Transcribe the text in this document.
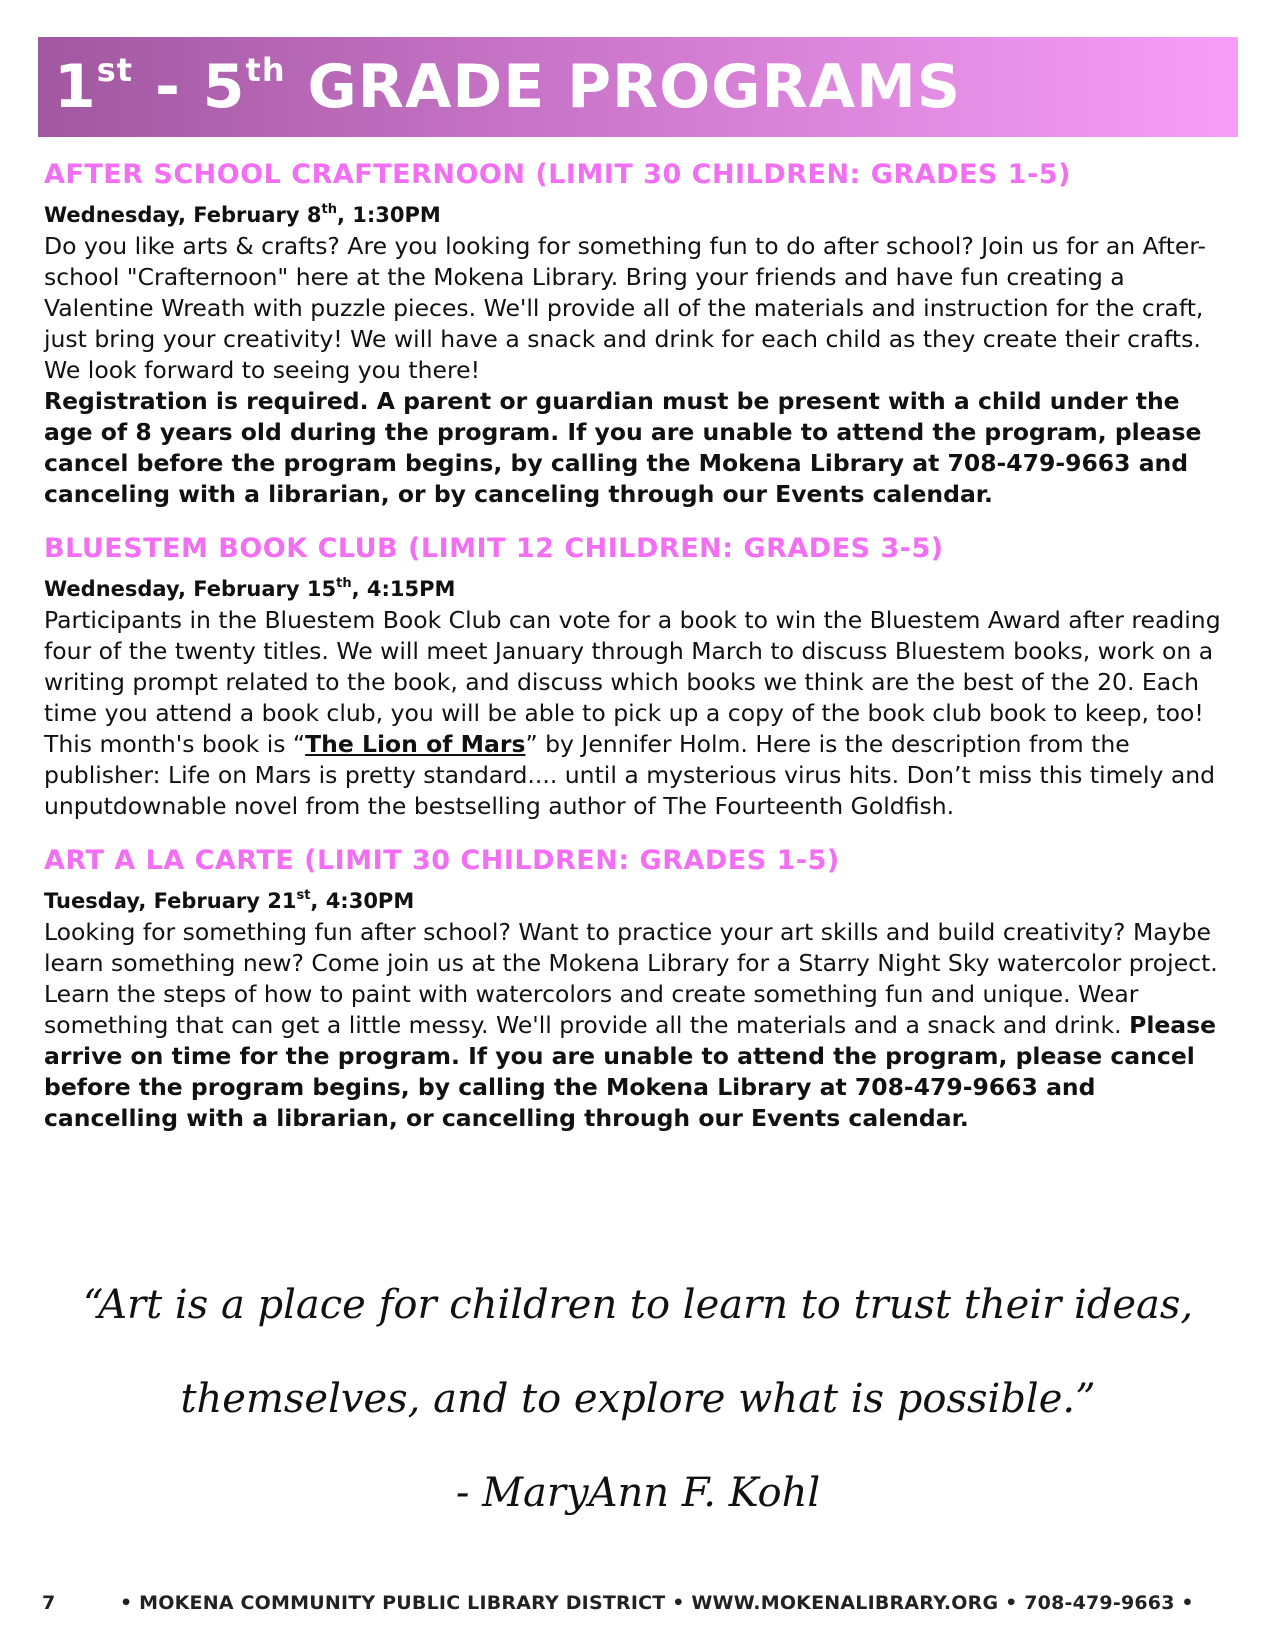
1st - 5th GRADE PROGRAMS
AFTER SCHOOL CRAFTERNOON (LIMIT 30 CHILDREN: GRADES 1-5)
Wednesday, February 8th, 1:30PM

Do you like arts & crafts? Are you looking for something fun to do after school? Join us for an After-school "Crafternoon" here at the Mokena Library. Bring your friends and have fun creating a Valentine Wreath with puzzle pieces. We'll provide all of the materials and instruction for the craft, just bring your creativity! We will have a snack and drink for each child as they create their crafts. We look forward to seeing you there!

Registration is required. A parent or guardian must be present with a child under the age of 8 years old during the program. If you are unable to attend the program, please cancel before the program begins, by calling the Mokena Library at 708-479-9663 and canceling with a librarian, or by canceling through our Events calendar.

BLUESTEM BOOK CLUB (LIMIT 12 CHILDREN: GRADES 3-5)
Wednesday, February 15th, 4:15PM

Participants in the Bluestem Book Club can vote for a book to win the Bluestem Award after reading four of the twenty titles. We will meet January through March to discuss Bluestem books, work on a writing prompt related to the book, and discuss which books we think are the best of the 20. Each time you attend a book club, you will be able to pick up a copy of the book club book to keep, too!

This month's book is “The Lion of Mars” by Jennifer Holm. Here is the description from the publisher: Life on Mars is pretty standard.... until a mysterious virus hits. Don’t miss this timely and unputdownable novel from the bestselling author of The Fourteenth Goldfish.

ART A LA CARTE (LIMIT 30 CHILDREN: GRADES 1-5)
Tuesday, February 21st, 4:30PM

Looking for something fun after school? Want to practice your art skills and build creativity? Maybe learn something new? Come join us at the Mokena Library for a Starry Night Sky watercolor project. Learn the steps of how to paint with watercolors and create something fun and unique. Wear something that can get a little messy. We'll provide all the materials and a snack and drink. Please arrive on time for the program. If you are unable to attend the program, please cancel before the program begins, by calling the Mokena Library at 708-479-9663 and cancelling with a librarian, or cancelling through our Events calendar.

“Art is a place for children to learn to trust their ideas, themselves, and to explore what is possible.”
- MaryAnn F. Kohl
7	• MOKENA COMMUNITY PUBLIC LIBRARY DISTRICT • WWW.MOKENALIBRARY.ORG • 708-479-9663 •
